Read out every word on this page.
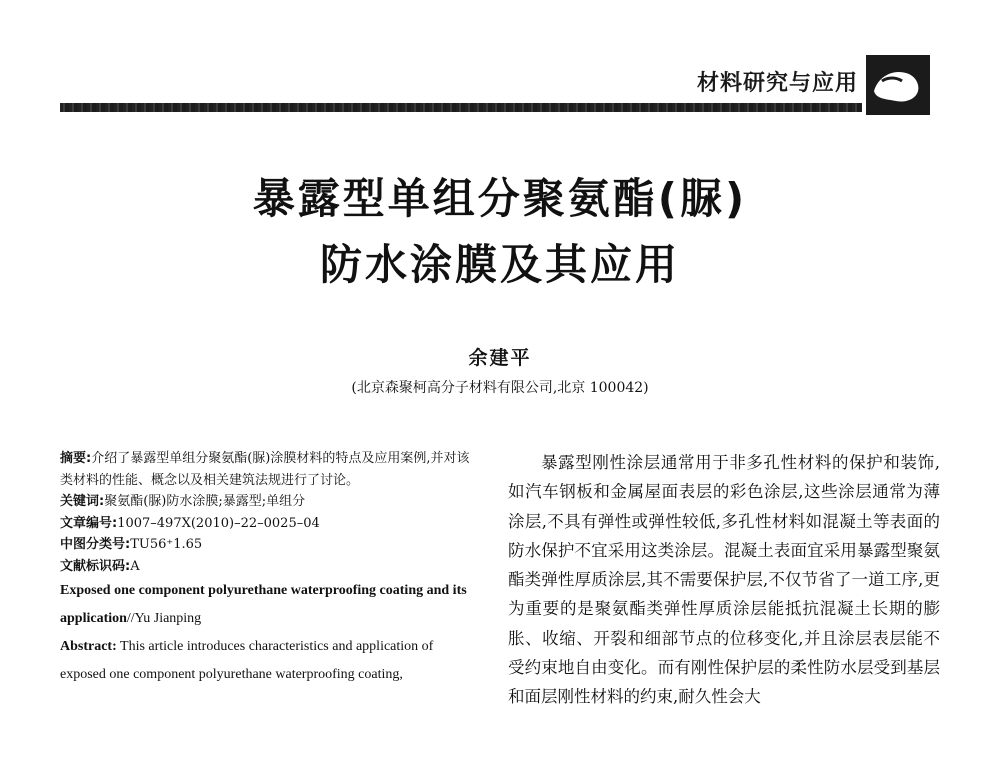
材料研究与应用
暴露型单组分聚氨酯(脲)
防水涂膜及其应用
余建平
(北京森聚柯高分子材料有限公司,北京 100042)

摘要:介绍了暴露型单组分聚氨酯(脲)涂膜材料的特点及应用案例,并对该类材料的性能、概念以及相关建筑法规进行了讨论。

关键词:聚氨酯(脲)防水涂膜;暴露型;单组分

文章编号:1007–497X(2010)–22–0025–04

中图分类号:TU56⁺1.65

文献标识码:A

Exposed one component polyurethane waterproofing coating and its application//Yu Jianping

Abstract: This article introduces characteristics and application of exposed one component polyurethane waterproofing coating,

暴露型刚性涂层通常用于非多孔性材料的保护和装饰,如汽车钢板和金属屋面表层的彩色涂层,这些涂层通常为薄涂层,不具有弹性或弹性较低,多孔性材料如混凝土等表面的防水保护不宜采用这类涂层。混凝土表面宜采用暴露型聚氨酯类弹性厚质涂层,其不需要保护层,不仅节省了一道工序,更为重要的是聚氨酯类弹性厚质涂层能抵抗混凝土长期的膨胀、收缩、开裂和细部节点的位移变化,并且涂层表层能不受约束地自由变化。而有刚性保护层的柔性防水层受到基层和面层刚性材料的约束,耐久性会大
